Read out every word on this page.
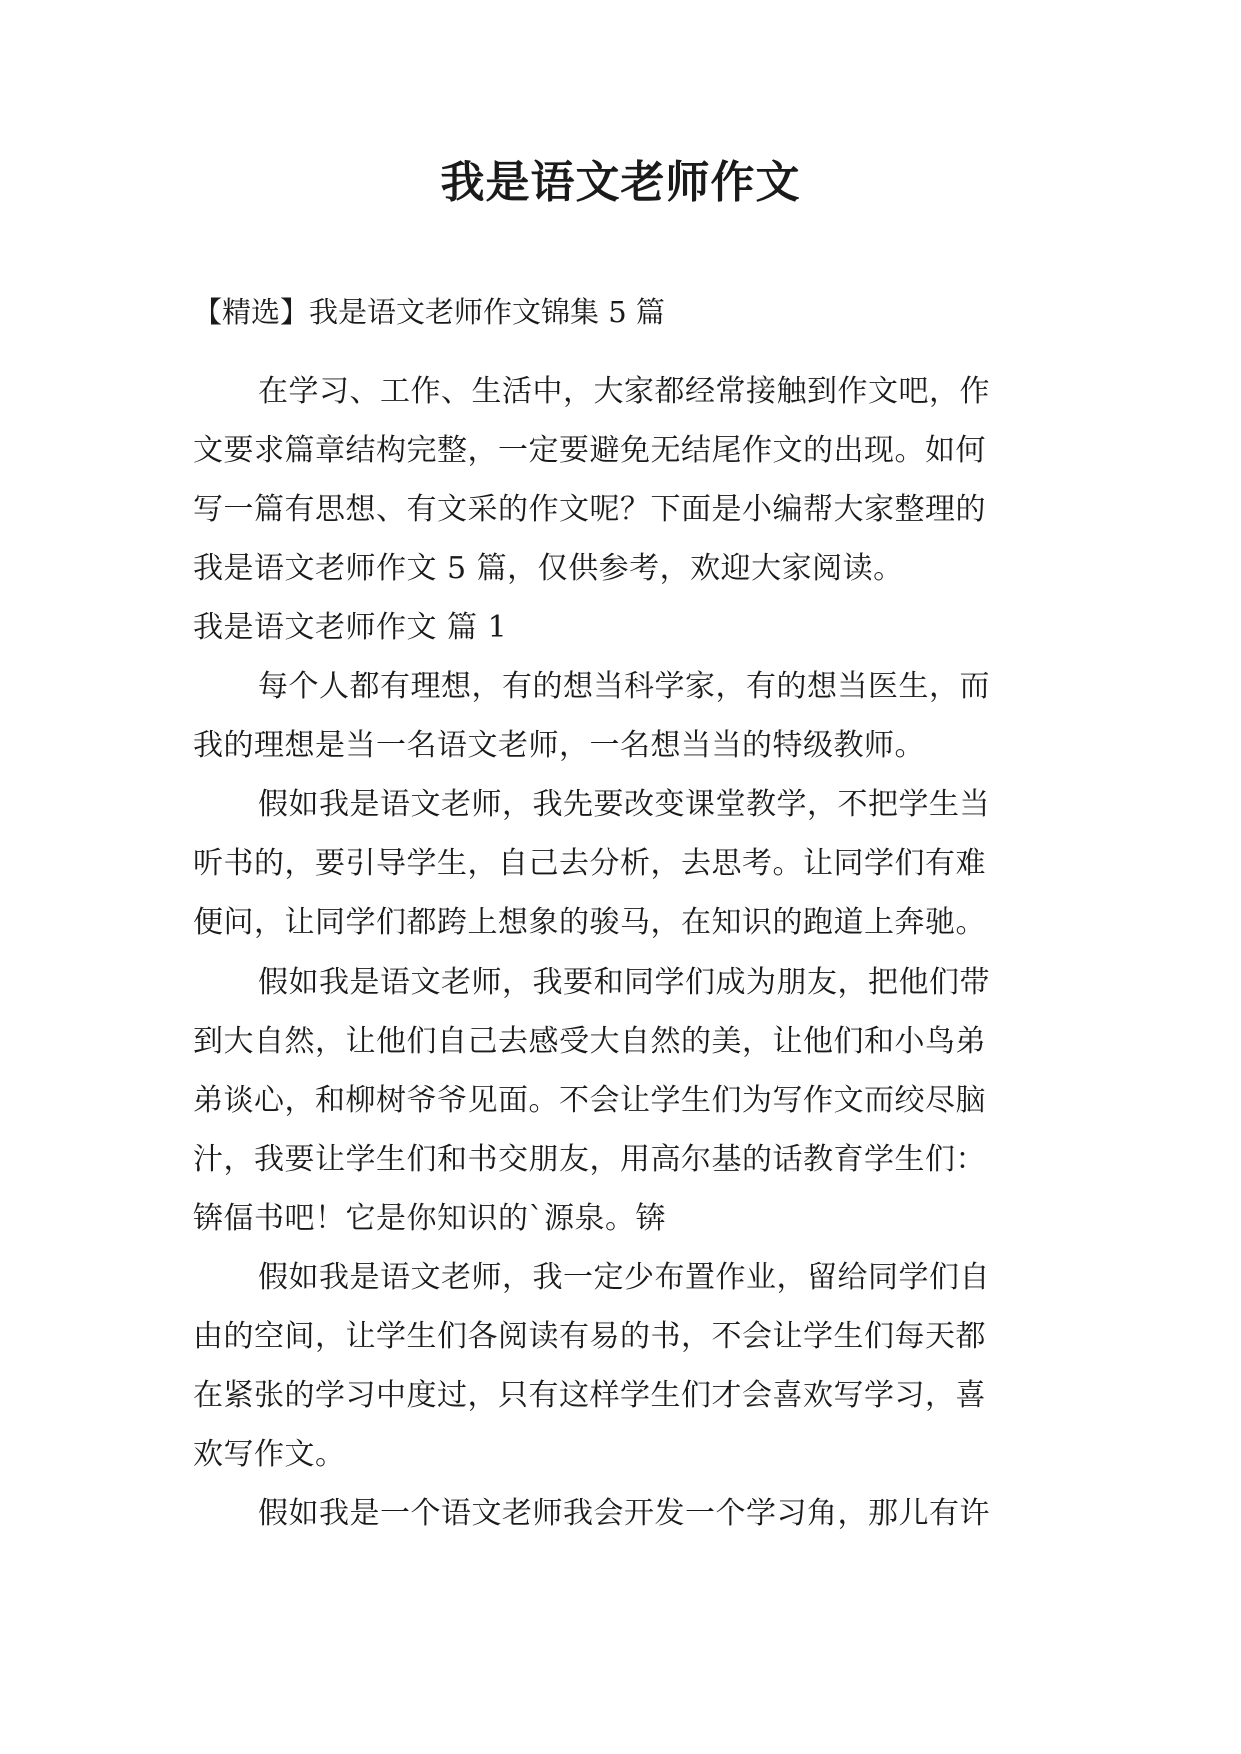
我是语文老师作文
【精选】我是语文老师作文锦集 5 篇
在学习、工作、生活中，大家都经常接触到作文吧，作
文要求篇章结构完整，一定要避免无结尾作文的出现。如何
写一篇有思想、有文采的作文呢？下面是小编帮大家整理的
我是语文老师作文 5 篇，仅供参考，欢迎大家阅读。
我是语文老师作文 篇 1
每个人都有理想，有的想当科学家，有的想当医生，而
我的理想是当一名语文老师，一名想当当的特级教师。
假如我是语文老师，我先要改变课堂教学，不把学生当
听书的，要引导学生，自己去分析，去思考。让同学们有难
便问，让同学们都跨上想象的骏马，在知识的跑道上奔驰。
假如我是语文老师，我要和同学们成为朋友，把他们带
到大自然，让他们自己去感受大自然的美，让他们和小鸟弟
弟谈心，和柳树爷爷见面。不会让学生们为写作文而绞尽脑
汁，我要让学生们和书交朋友，用高尔基的话教育学生们：
锛偪书吧！它是你知识的`源泉。锛
假如我是语文老师，我一定少布置作业，留给同学们自
由的空间，让学生们各阅读有易的书，不会让学生们每天都
在紧张的学习中度过，只有这样学生们才会喜欢写学习，喜
欢写作文。
假如我是一个语文老师我会开发一个学习角，那儿有许
